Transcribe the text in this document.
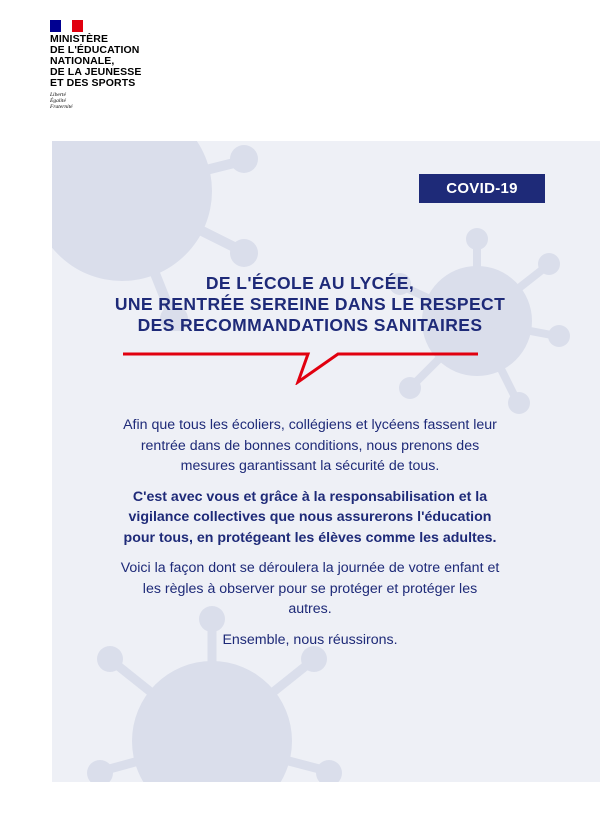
MINISTÈRE
DE L'ÉDUCATION
NATIONALE,
DE LA JEUNESSE
ET DES SPORTS
Liberté
Égalité
Fraternité
COVID-19
DE L'ÉCOLE AU LYCÉE,
UNE RENTRÉE SEREINE DANS LE RESPECT
DES RECOMMANDATIONS SANITAIRES

Afin que tous les écoliers, collégiens et lycéens fassent leur rentrée dans de bonnes conditions, nous prenons des mesures garantissant la sécurité de tous.

C'est avec vous et grâce à la responsabilisation et la vigilance collectives que nous assurerons l'éducation pour tous, en protégeant les élèves comme les adultes.

Voici la façon dont se déroulera la journée de votre enfant et les règles à observer pour se protéger et protéger les autres.

Ensemble, nous réussirons.
